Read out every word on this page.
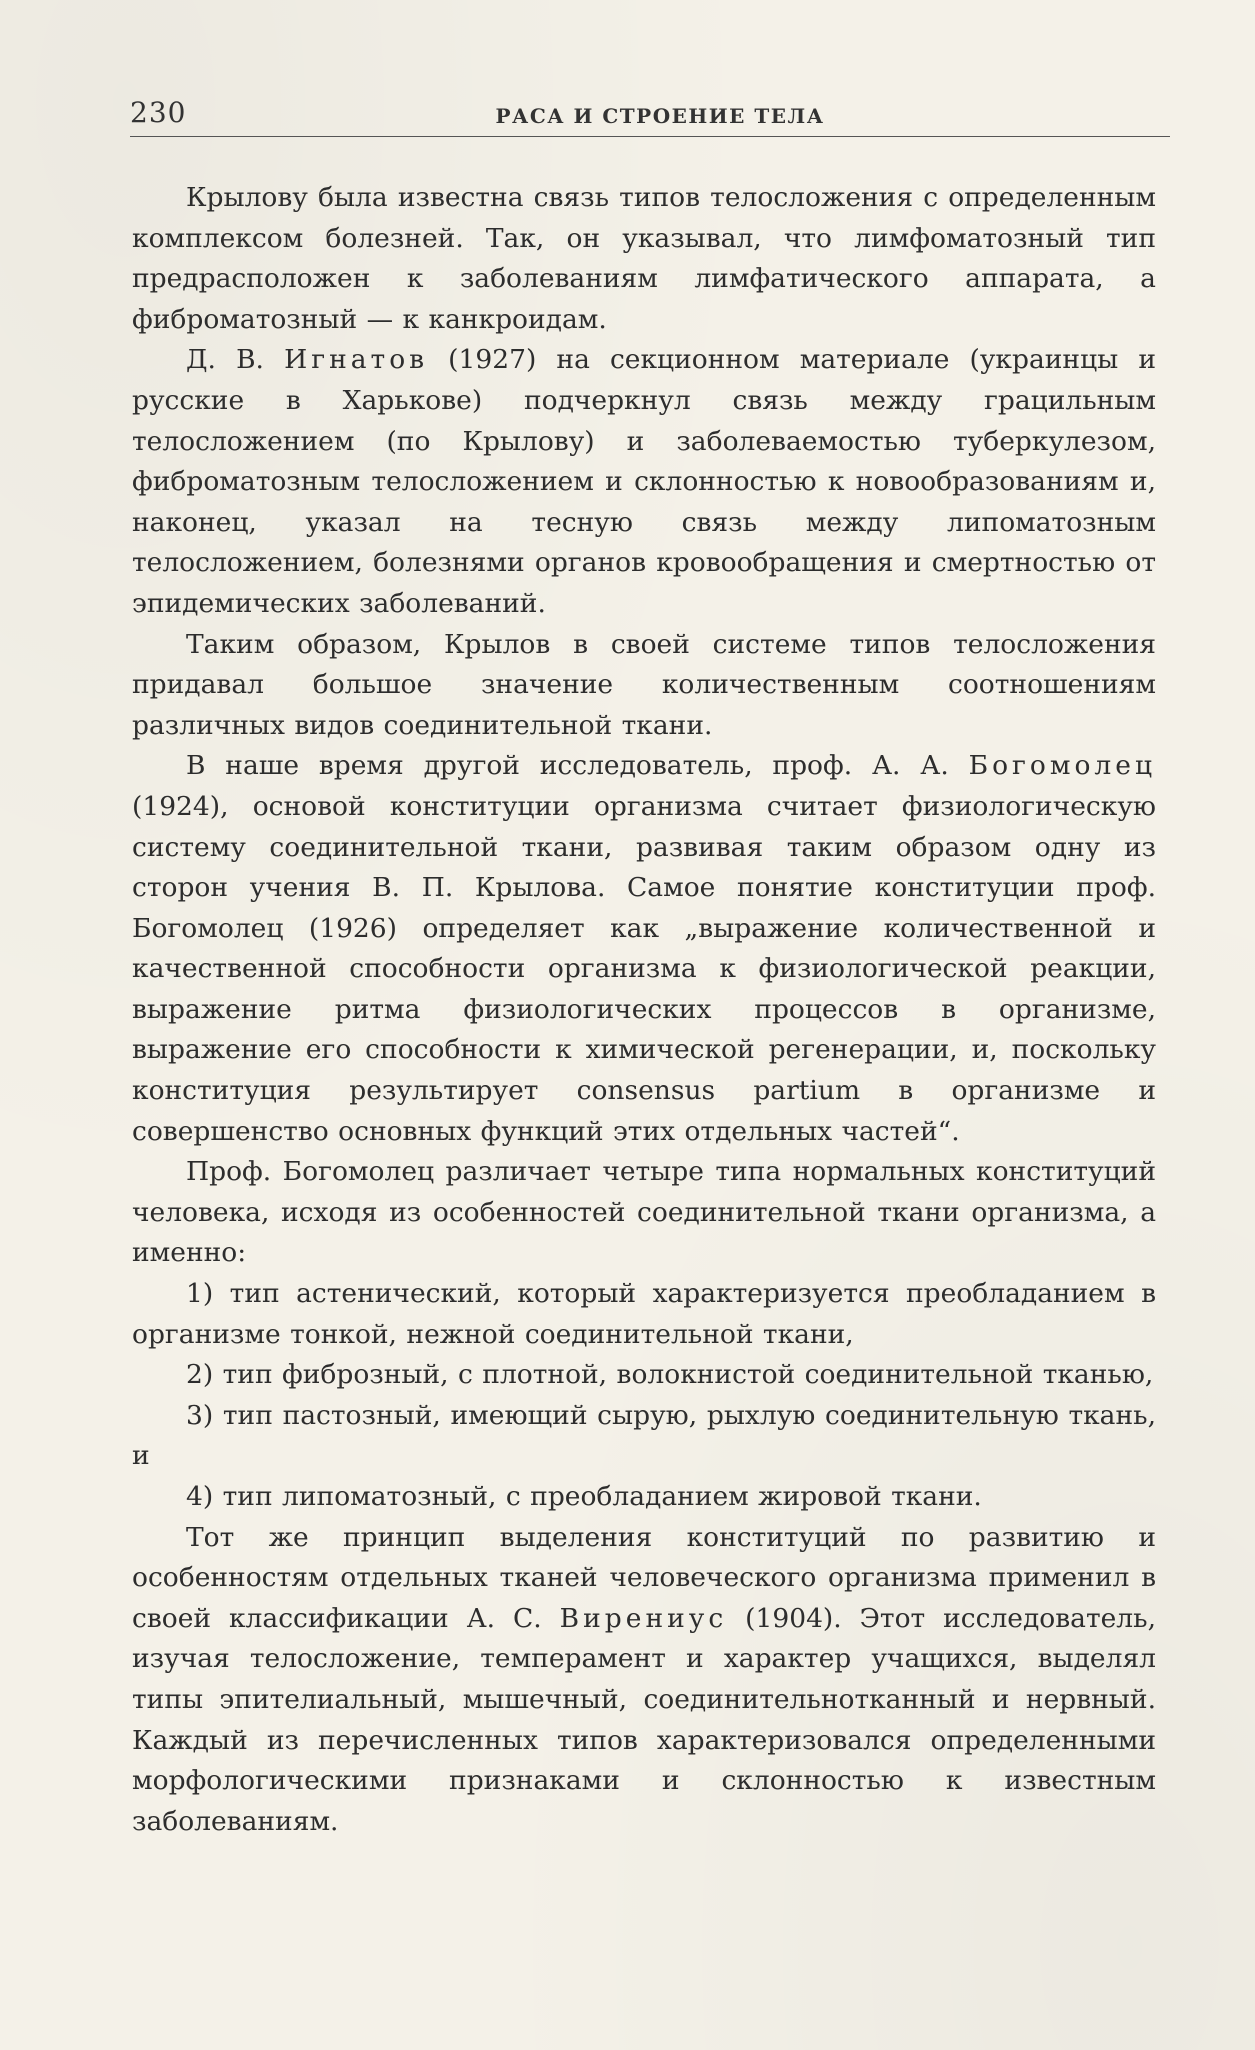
230	РАСА И СТРОЕНИЕ ТЕЛА

Крылову была известна связь типов телосложения с определенным комплексом болезней. Так, он указывал, что лимфоматозный тип предрасположен к заболеваниям лимфатического аппарата, а фиброматозный — к канкроидам.

Д. В. Игнатов (1927) на секционном материале (украинцы и русские в Харькове) подчеркнул связь между грацильным телосложением (по Крылову) и заболеваемостью туберкулезом, фиброматозным телосложением и склонностью к новообразованиям и, наконец, указал на тесную связь между липоматозным телосложением, болезнями органов кровообращения и смертностью от эпидемических заболеваний.

Таким образом, Крылов в своей системе типов телосложения придавал большое значение количественным соотношениям различных видов соединительной ткани.

В наше время другой исследователь, проф. А. А. Богомолец (1924), основой конституции организма считает физиологическую систему соединительной ткани, развивая таким образом одну из сторон учения В. П. Крылова. Самое понятие конституции проф. Богомолец (1926) определяет как „выражение количественной и качественной способности организма к физиологической реакции, выражение ритма физиологических процессов в организме, выражение его способности к химической регенерации, и, поскольку конституция результирует consensus partium в организме и совершенство основных функций этих отдельных частей“.

Проф. Богомолец различает четыре типа нормальных конституций человека, исходя из особенностей соединительной ткани организма, а именно:

1) тип астенический, который характеризуется преобладанием в организме тонкой, нежной соединительной ткани,

2) тип фиброзный, с плотной, волокнистой соединительной тканью,

3) тип пастозный, имеющий сырую, рыхлую соединительную ткань, и

4) тип липоматозный, с преобладанием жировой ткани.

Тот же принцип выделения конституций по развитию и особенностям отдельных тканей человеческого организма применил в своей классификации А. С. Вирениус (1904). Этот исследователь, изучая телосложение, темперамент и характер учащихся, выделял типы эпителиальный, мышечный, соединительнотканный и нервный. Каждый из перечисленных типов характеризовался определенными морфологическими признаками и склонностью к известным заболеваниям.
